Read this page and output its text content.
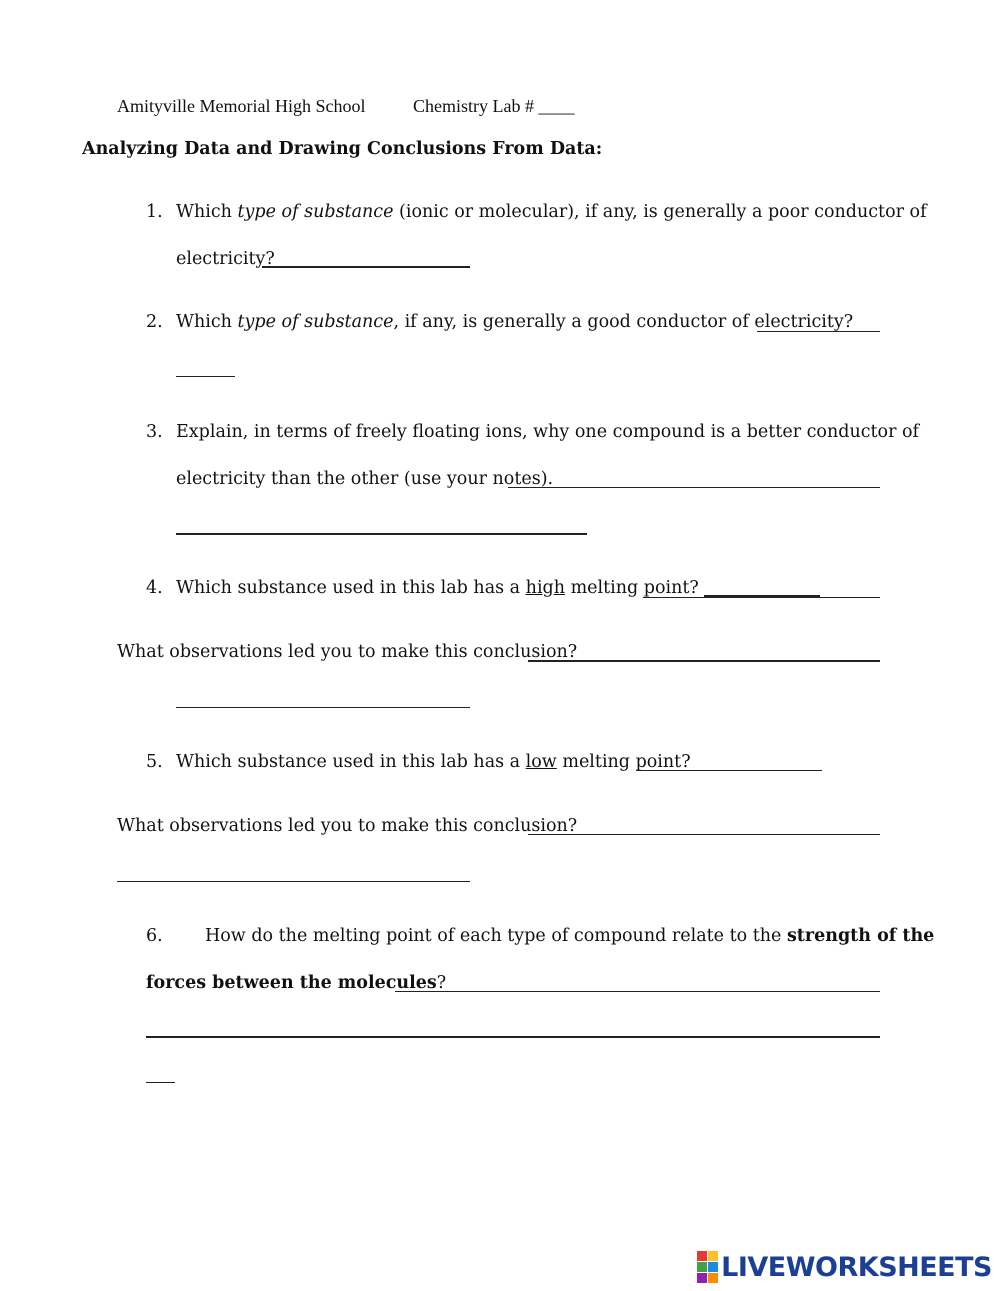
Amityville Memorial High School	Chemistry Lab # ____
Analyzing Data and Drawing Conclusions From Data:
1. Which type of substance (ionic or molecular), if any, is generally a poor conductor of
electricity?
2. Which type of substance, if any, is generally a good conductor of electricity?
3. Explain, in terms of freely floating ions, why one compound is a better conductor of
electricity than the other (use your notes).
4. Which substance used in this lab has a high melting point?
What observations led you to make this conclusion?
5. Which substance used in this lab has a low melting point?
What observations led you to make this conclusion?
6. How do the melting point of each type of compound relate to the strength of the
forces between the molecules?
LIVEWORKSHEETS
